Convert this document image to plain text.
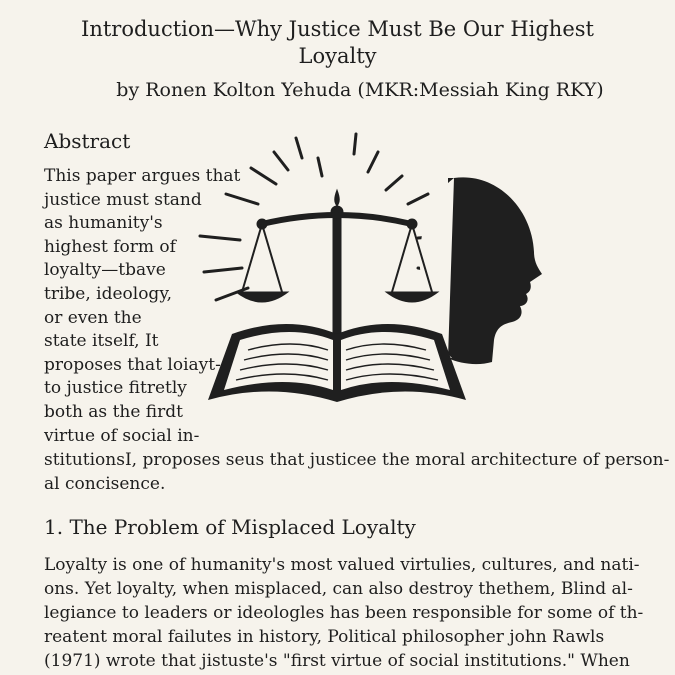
Introduction—Why Justice Must Be Our Highest
Loyalty
by Ronen Kolton Yehuda (MKR:Messiah King RKY)
Abstract
This paper argues that
justice must stand
as humanity's
highest form of
loyalty—tbave
tribe, ideology,
or even the
state itself, It
proposes that loiayt-
to justice fitretly
both as the firdt
virtue of social in-
stitutionsI, proposes seus that justicee the moral architecture of person-
al concisence.
1. The Problem of Misplaced Loyalty
Loyalty is one of humanity's most valued virtulies, cultures, and nati-
ons. Yet loyalty, when misplaced, can also destroy thethem, Blind al-
legiance to leaders or ideologles has been responsible for some of th-
reatent moral failutes in history, Political philosopher john Rawls
(1971) wrote that jistuste's "first virtue of social institutions." When
